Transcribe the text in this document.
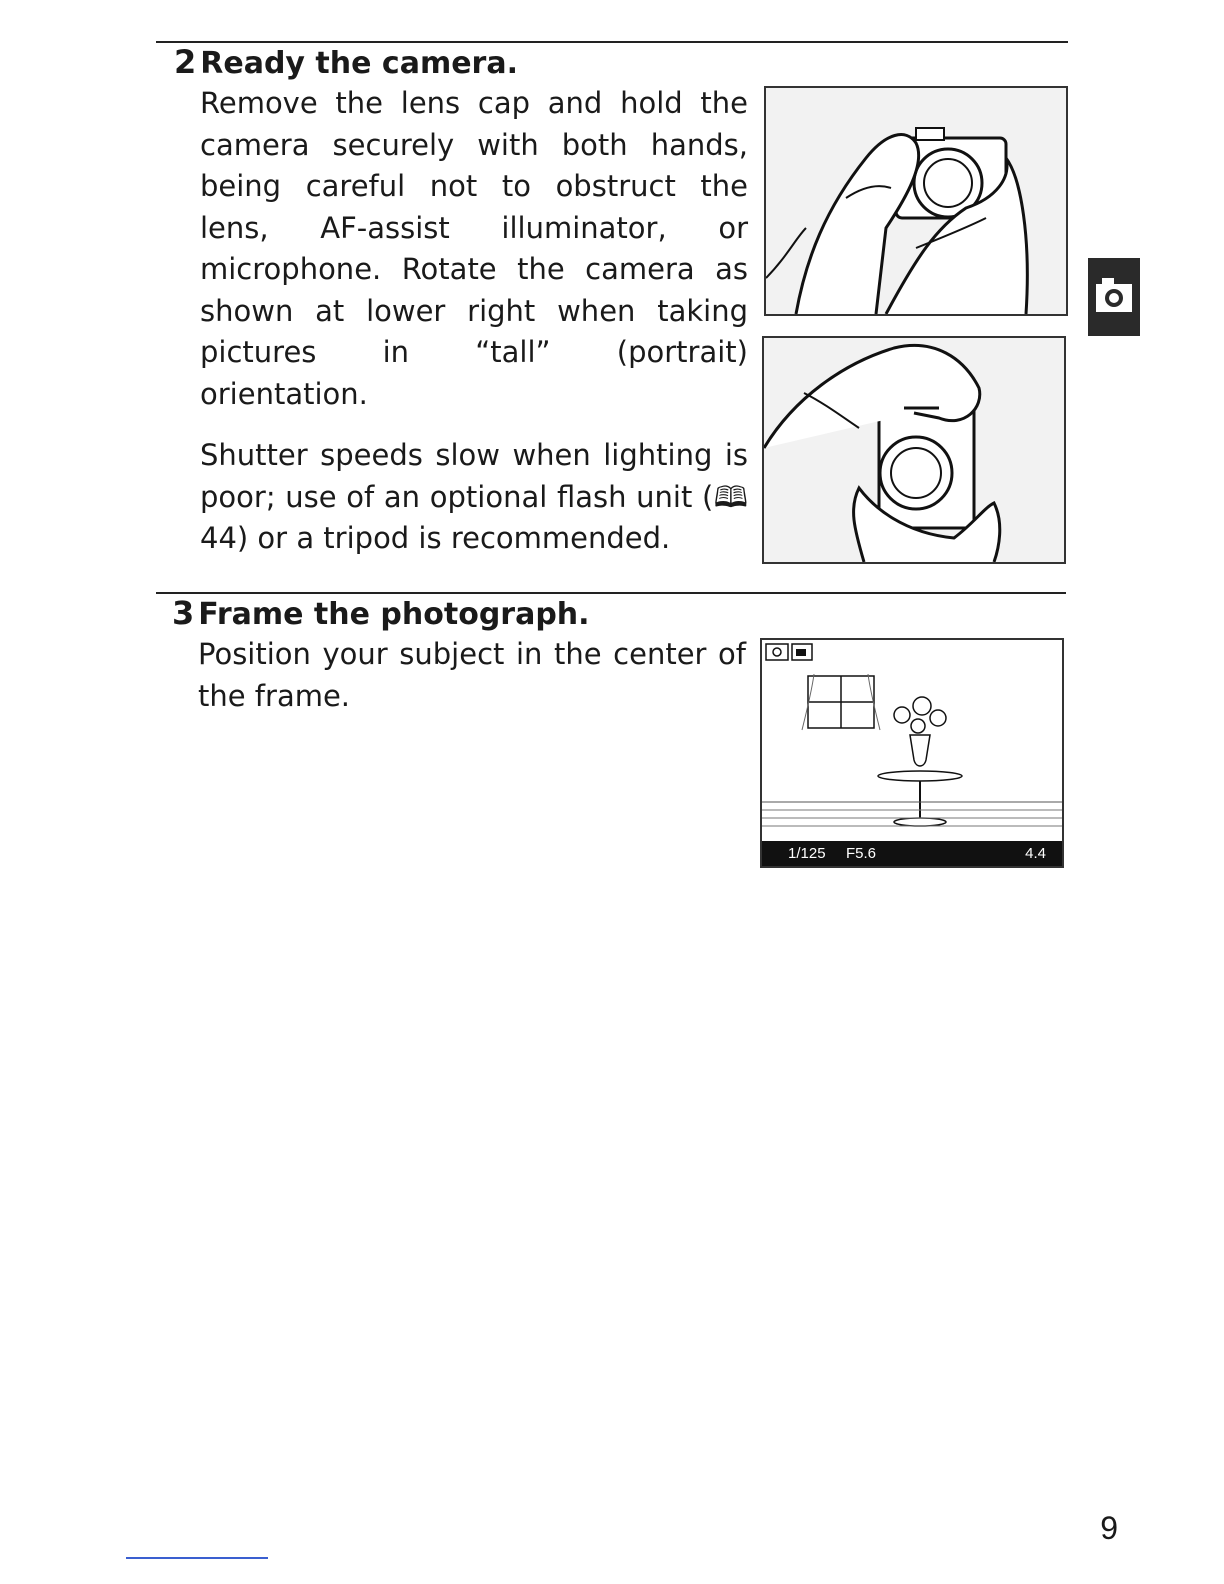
2 Ready the camera.

Remove the lens cap and hold the camera securely with both hands, being careful not to obstruct the lens, AF-assist illuminator, or microphone. Rotate the camera as shown at lower right when taking pictures in “tall” (portrait) orientation.

Shutter speeds slow when lighting is poor; use of an optional flash unit (🕮 44) or a tripod is recommended.

3 Frame the photograph.

Position your subject in the center of the frame.

1/125 F5.6	4.4
9
